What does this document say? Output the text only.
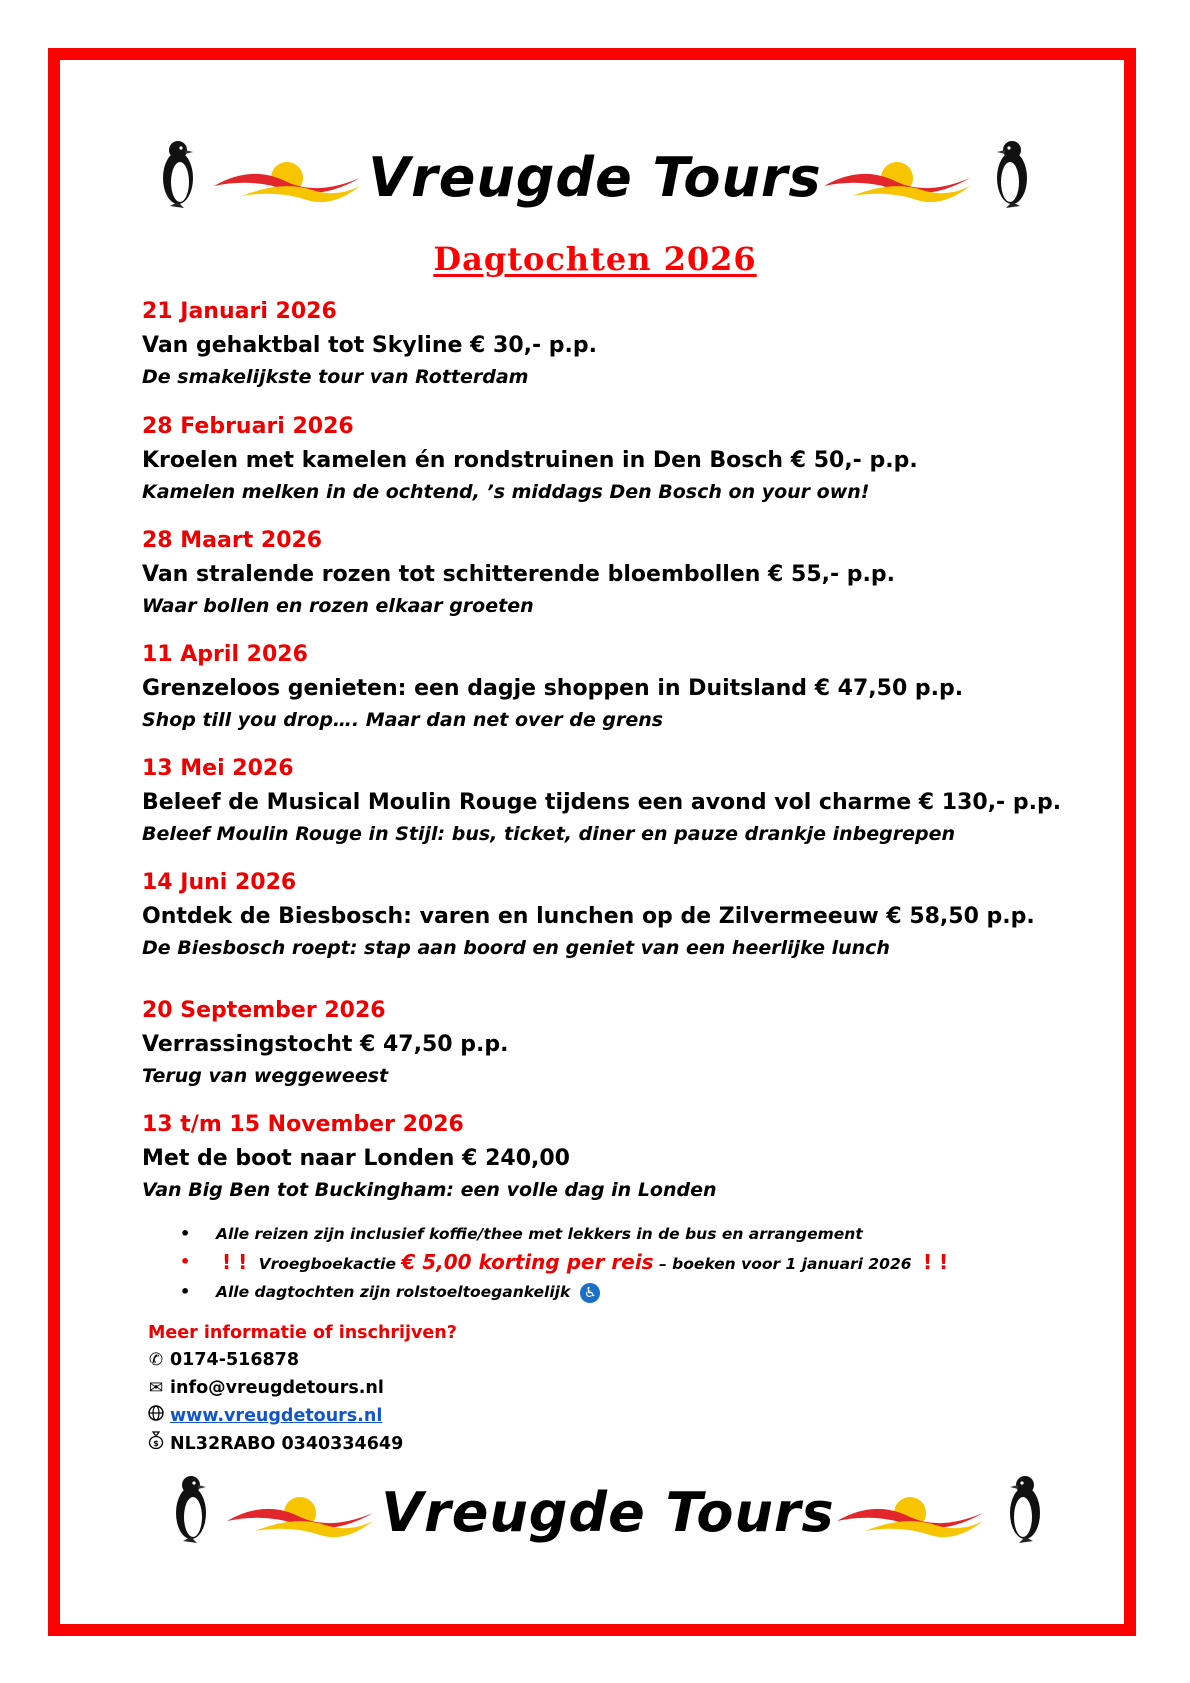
Vreugde Tours
Dagtochten 2026
21 Januari 2026
Van gehaktbal tot Skyline € 30,- p.p.
De smakelijkste tour van Rotterdam
28 Februari 2026
Kroelen met kamelen én rondstruinen in Den Bosch € 50,- p.p.
Kamelen melken in de ochtend, ’s middags Den Bosch on your own!
28 Maart 2026
Van stralende rozen tot schitterende bloembollen € 55,- p.p.
Waar bollen en rozen elkaar groeten
11 April 2026
Grenzeloos genieten: een dagje shoppen in Duitsland € 47,50 p.p.
Shop till you drop…. Maar dan net over de grens
13 Mei 2026
Beleef de Musical Moulin Rouge tijdens een avond vol charme € 130,- p.p.
Beleef Moulin Rouge in Stijl: bus, ticket, diner en pauze drankje inbegrepen
14 Juni 2026
Ontdek de Biesbosch: varen en lunchen op de Zilvermeeuw € 58,50 p.p.
De Biesbosch roept: stap aan boord en geniet van een heerlijke lunch
20 September 2026
Verrassingstocht € 47,50 p.p.
Terug van weggeweest
13 t/m 15 November 2026
Met de boot naar Londen € 240,00
Van Big Ben tot Buckingham: een volle dag in Londen
• Alle reizen zijn inclusief koffie/thee met lekkers in de bus en arrangement
• ! ! Vroegboekactie € 5,00 korting per reis – boeken voor 1 januari 2026 ! !
• Alle dagtochten zijn rolstoeltoegankelijk ♿
Meer informatie of inschrijven?
✆ 0174-516878
✉ info@vreugdetours.nl
www.vreugdetours.nl
$ NL32RABO 0340334649
Vreugde Tours
